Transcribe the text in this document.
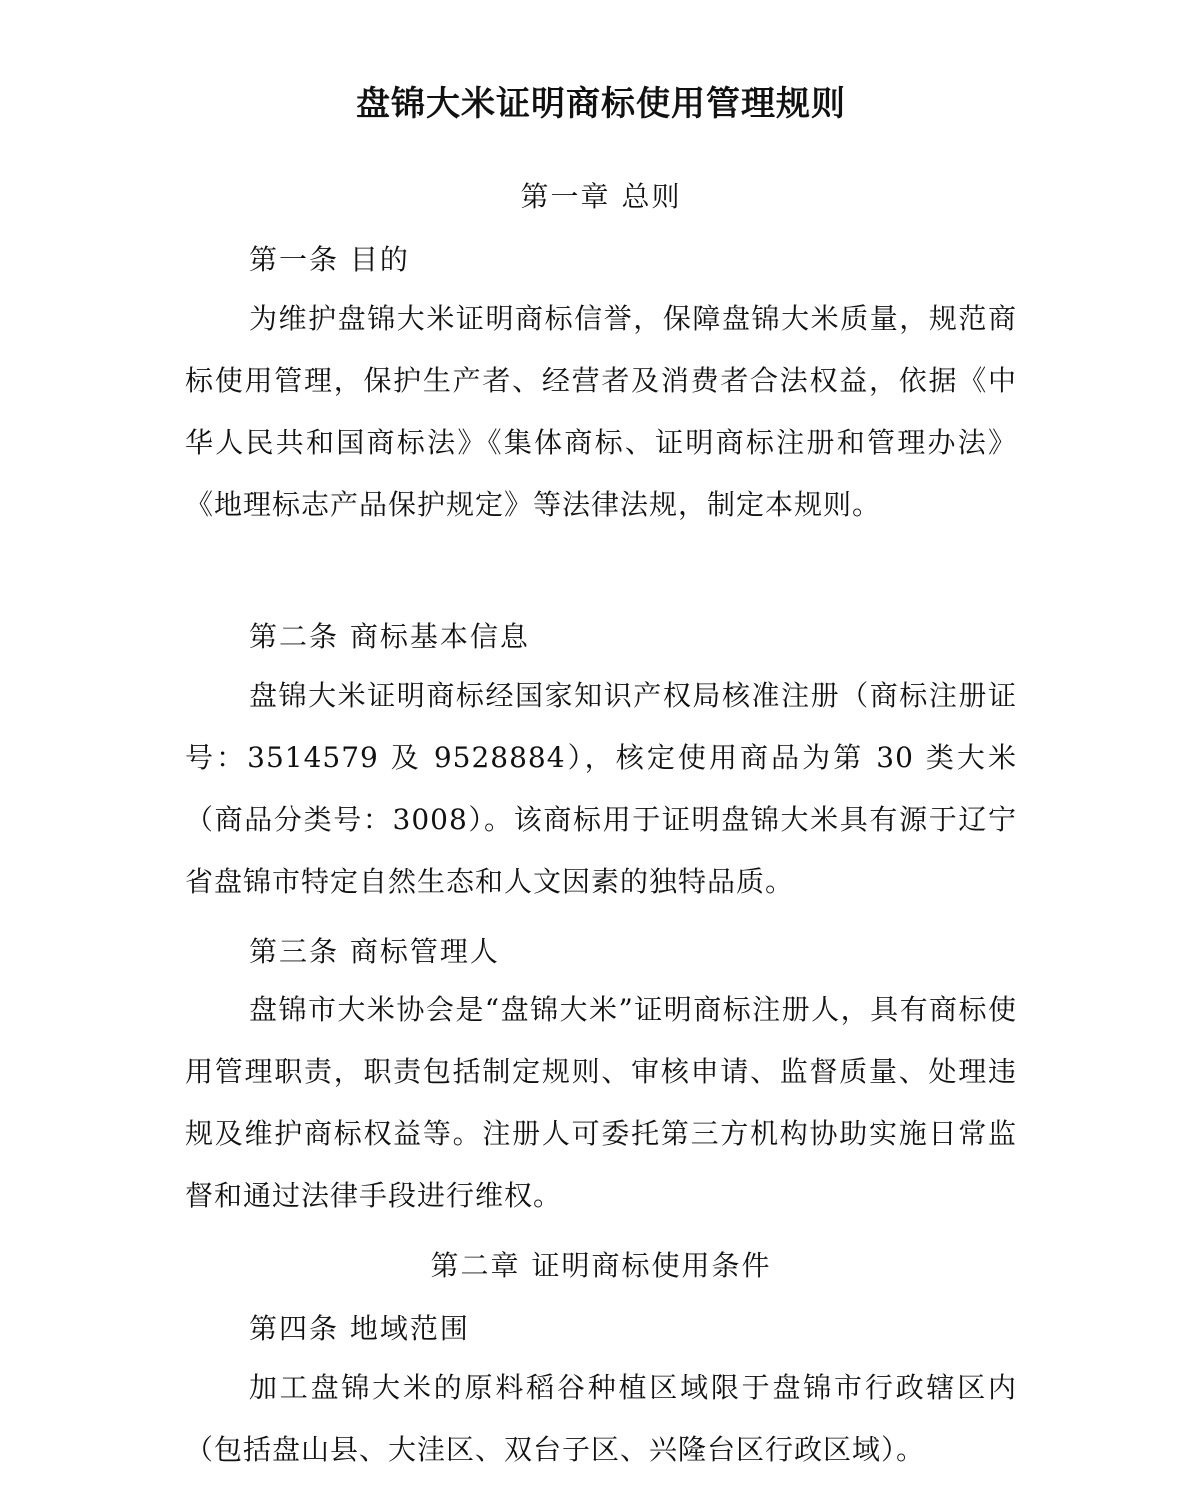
盘锦大米证明商标使用管理规则
第一章 总则
第一条 目的
为维护盘锦大米证明商标信誉，保障盘锦大米质量，规范商标使用管理，保护生产者、经营者及消费者合法权益，依据《中华人民共和国商标法》《集体商标、证明商标注册和管理办法》《地理标志产品保护规定》等法律法规，制定本规则。
第二条 商标基本信息
盘锦大米证明商标经国家知识产权局核准注册（商标注册证号：3514579 及 9528884），核定使用商品为第 30 类大米（商品分类号：3008）。该商标用于证明盘锦大米具有源于辽宁省盘锦市特定自然生态和人文因素的独特品质。
第三条 商标管理人
盘锦市大米协会是“盘锦大米”证明商标注册人，具有商标使用管理职责，职责包括制定规则、审核申请、监督质量、处理违规及维护商标权益等。注册人可委托第三方机构协助实施日常监督和通过法律手段进行维权。
第二章 证明商标使用条件
第四条 地域范围
加工盘锦大米的原料稻谷种植区域限于盘锦市行政辖区内（包括盘山县、大洼区、双台子区、兴隆台区行政区域）。
